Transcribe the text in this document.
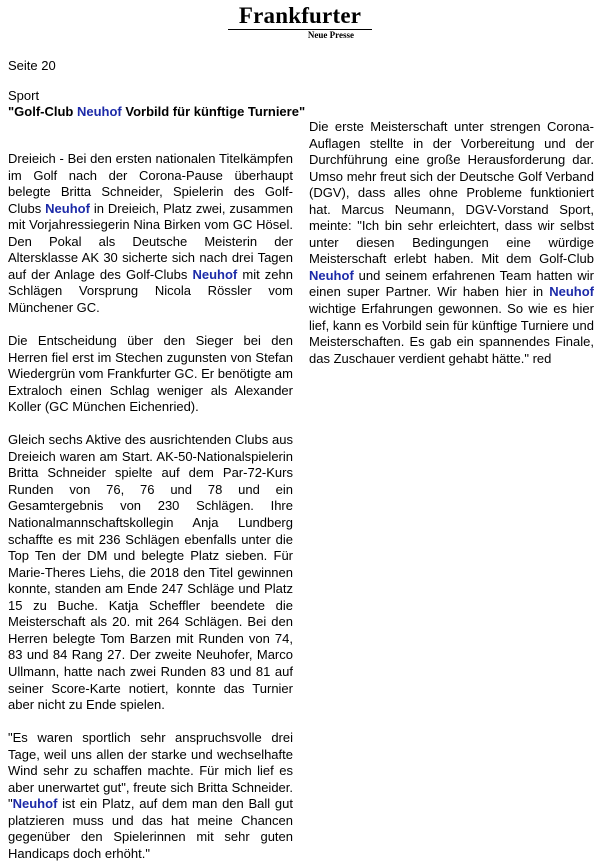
Frankfurter
Neue Presse
Seite 20
Sport
"Golf-Club Neuhof Vorbild für künftige Turniere"

Dreieich - Bei den ersten nationalen Titelkämpfen im Golf nach der Corona-Pause überhaupt belegte Britta Schneider, Spielerin des Golf-Clubs Neuhof in Dreieich, Platz zwei, zusammen mit Vorjahressiegerin Nina Birken vom GC Hösel. Den Pokal als Deutsche Meisterin der Altersklasse AK 30 sicherte sich nach drei Tagen auf der Anlage des Golf-Clubs Neuhof mit zehn Schlägen Vorsprung Nicola Rössler vom Münchener GC.

Die Entscheidung über den Sieger bei den Herren fiel erst im Stechen zugunsten von Stefan Wiedergrün vom Frankfurter GC. Er benötigte am Extraloch einen Schlag weniger als Alexander Koller (GC München Eichenried).

Gleich sechs Aktive des ausrichtenden Clubs aus Dreieich waren am Start. AK-50-Nationalspielerin Britta Schneider spielte auf dem Par-72-Kurs Runden von 76, 76 und 78 und ein Gesamtergebnis von 230 Schlägen. Ihre Nationalmannschaftskollegin Anja Lundberg schaffte es mit 236 Schlägen ebenfalls unter die Top Ten der DM und belegte Platz sieben. Für Marie-Theres Liehs, die 2018 den Titel gewinnen konnte, standen am Ende 247 Schläge und Platz 15 zu Buche. Katja Scheffler beendete die Meisterschaft als 20. mit 264 Schlägen. Bei den Herren belegte Tom Barzen mit Runden von 74, 83 und 84 Rang 27. Der zweite Neuhofer, Marco Ullmann, hatte nach zwei Runden 83 und 81 auf seiner Score-Karte notiert, konnte das Turnier aber nicht zu Ende spielen.

"Es waren sportlich sehr anspruchsvolle drei Tage, weil uns allen der starke und wechselhafte Wind sehr zu schaffen machte. Für mich lief es aber unerwartet gut", freute sich Britta Schneider. "Neuhof ist ein Platz, auf dem man den Ball gut platzieren muss und das hat meine Chancen gegenüber den Spielerinnen mit sehr guten Handicaps doch erhöht."

Die erste Meisterschaft unter strengen Corona-Auflagen stellte in der Vorbereitung und der Durchführung eine große Herausforderung dar. Umso mehr freut sich der Deutsche Golf Verband (DGV), dass alles ohne Probleme funktioniert hat. Marcus Neumann, DGV-Vorstand Sport, meinte: "Ich bin sehr erleichtert, dass wir selbst unter diesen Bedingungen eine würdige Meisterschaft erlebt haben. Mit dem Golf-Club Neuhof und seinem erfahrenen Team hatten wir einen super Partner. Wir haben hier in Neuhof wichtige Erfahrungen gewonnen. So wie es hier lief, kann es Vorbild sein für künftige Turniere und Meisterschaften. Es gab ein spannendes Finale, das Zuschauer verdient gehabt hätte." red
